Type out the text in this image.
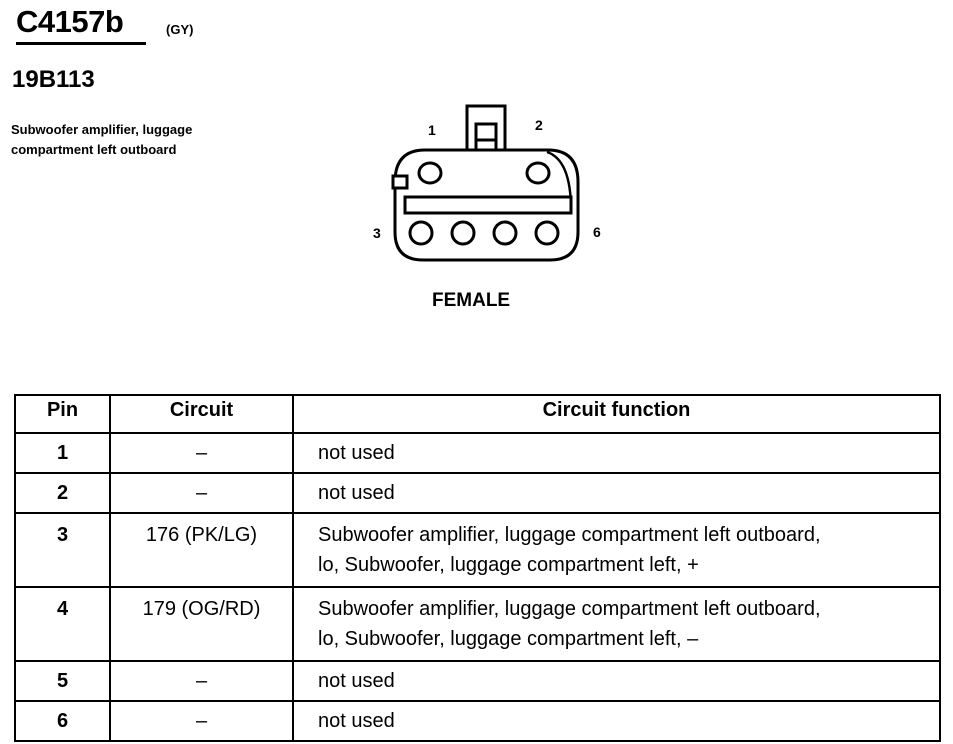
C4157b	(GY)
19B113
Subwoofer amplifier, luggage
compartment left outboard
1	2
3	6
FEMALE
Pin	Circuit	Circuit function
1	–	not used

2	–	not used

3	176 (PK/LG)	Subwoofer amplifier, luggage compartment left outboard,
lo, Subwoofer, luggage compartment left, +

4	179 (OG/RD)	Subwoofer amplifier, luggage compartment left outboard,
lo, Subwoofer, luggage compartment left, –

5	–	not used

6	–	not used
